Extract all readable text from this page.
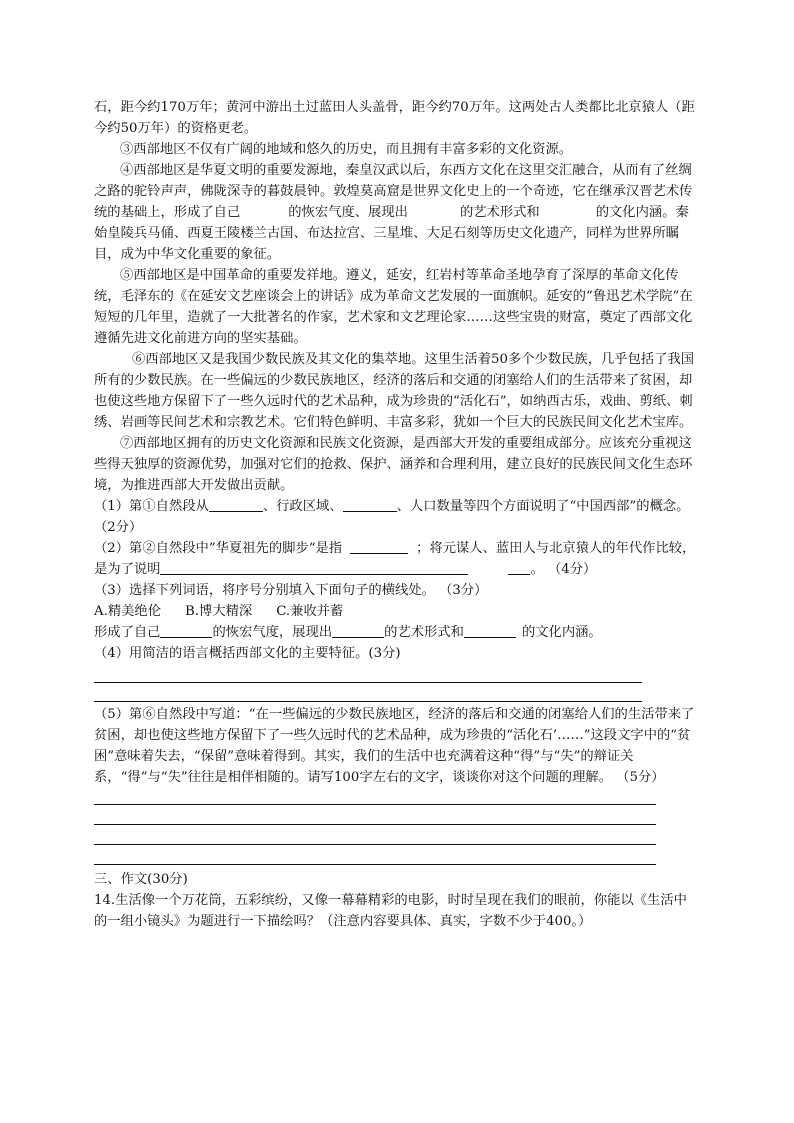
石，距今约170万年；黄河中游出土过蓝田人头盖骨，距今约70万年。这两处古人类都比北京猿人（距今约50万年）的资格更老。

③西部地区不仅有广阔的地域和悠久的历史，而且拥有丰富多彩的文化资源。

④西部地区是华夏文明的重要发源地，秦皇汉武以后，东西方文化在这里交汇融合，从而有了丝绸之路的驼铃声声，佛陇深寺的暮鼓晨钟。敦煌莫高窟是世界文化史上的一个奇迹，它在继承汉晋艺术传统的基础上，形成了自己	的恢宏气度、展现出	的艺术形式和	的文化内涵。秦始皇陵兵马俑、西夏王陵楼兰古国、布达拉宫、三星堆、大足石刻等历史文化遗产，同样为世界所瞩目，成为中华文化重要的象征。

⑤西部地区是中国革命的重要发祥地。遵义，延安，红岩村等革命圣地孕育了深厚的革命文化传统，毛泽东的《在延安文艺座谈会上的讲话》成为革命文艺发展的一面旗帜。延安的“鲁迅艺术学院”在短短的几年里，造就了一大批著名的作家，艺术家和文艺理论家……这些宝贵的财富，奠定了西部文化遵循先进文化前进方向的坚实基础。

⑥西部地区又是我国少数民族及其文化的集萃地。这里生活着50多个少数民族，几乎包括了我国所有的少数民族。在一些偏远的少数民族地区，经济的落后和交通的闭塞给人们的生活带来了贫困，却也使这些地方保留下了一些久远时代的艺术品种，成为珍贵的“活化石”，如纳西古乐，戏曲、剪纸、刺绣、岩画等民间艺术和宗教艺术。它们特色鲜明、丰富多彩，犹如一个巨大的民族民间文化艺术宝库。

⑦西部地区拥有的历史文化资源和民族文化资源，是西部大开发的重要组成部分。应该充分重视这些得天独厚的资源优势，加强对它们的抢救、保护、涵养和合理利用，建立良好的民族民间文化生态环境，为推进西部大开发做出贡献。

（1）第①自然段从	、行政区域、	、人口数量等四个方面说明了“中国西部”的概念。 （2分）

（2）第②自然段中”华夏祖先的脚步“是指	；将元谋人、蓝田人与北京猿人的年代作比较，是为了说明	。 （4分）

（3）选择下列词语，将序号分别填入下面句子的横线处。 （3分）

A.精美绝伦 B.博大精深 C.兼收并蓄

形成了自己	的恢宏气度，展现出	的艺术形式和	的文化内涵。

（4）用简洁的语言概括西部文化的主要特征。(3分)

（5）第⑥自然段中写道：“在一些偏远的少数民族地区，经济的落后和交通的闭塞给人们的生活带来了贫困，却也使这些地方保留下了一些久远时代的艺术品种，成为珍贵的“活化石’……”这段文字中的“贫困”意味着失去，“保留”意味着得到。其实，我们的生活中也充满着这种“得”与“失”的辩证关系，“得”与“失”往往是相伴相随的。请写100字左右的文字，谈谈你对这个问题的理解。 （5分）

三、作文(30分)

14.生活像一个万花筒，五彩缤纷，又像一幕幕精彩的电影，时时呈现在我们的眼前，你能以《生活中的一组小镜头》为题进行一下描绘吗？（注意内容要具体、真实，字数不少于400。）
